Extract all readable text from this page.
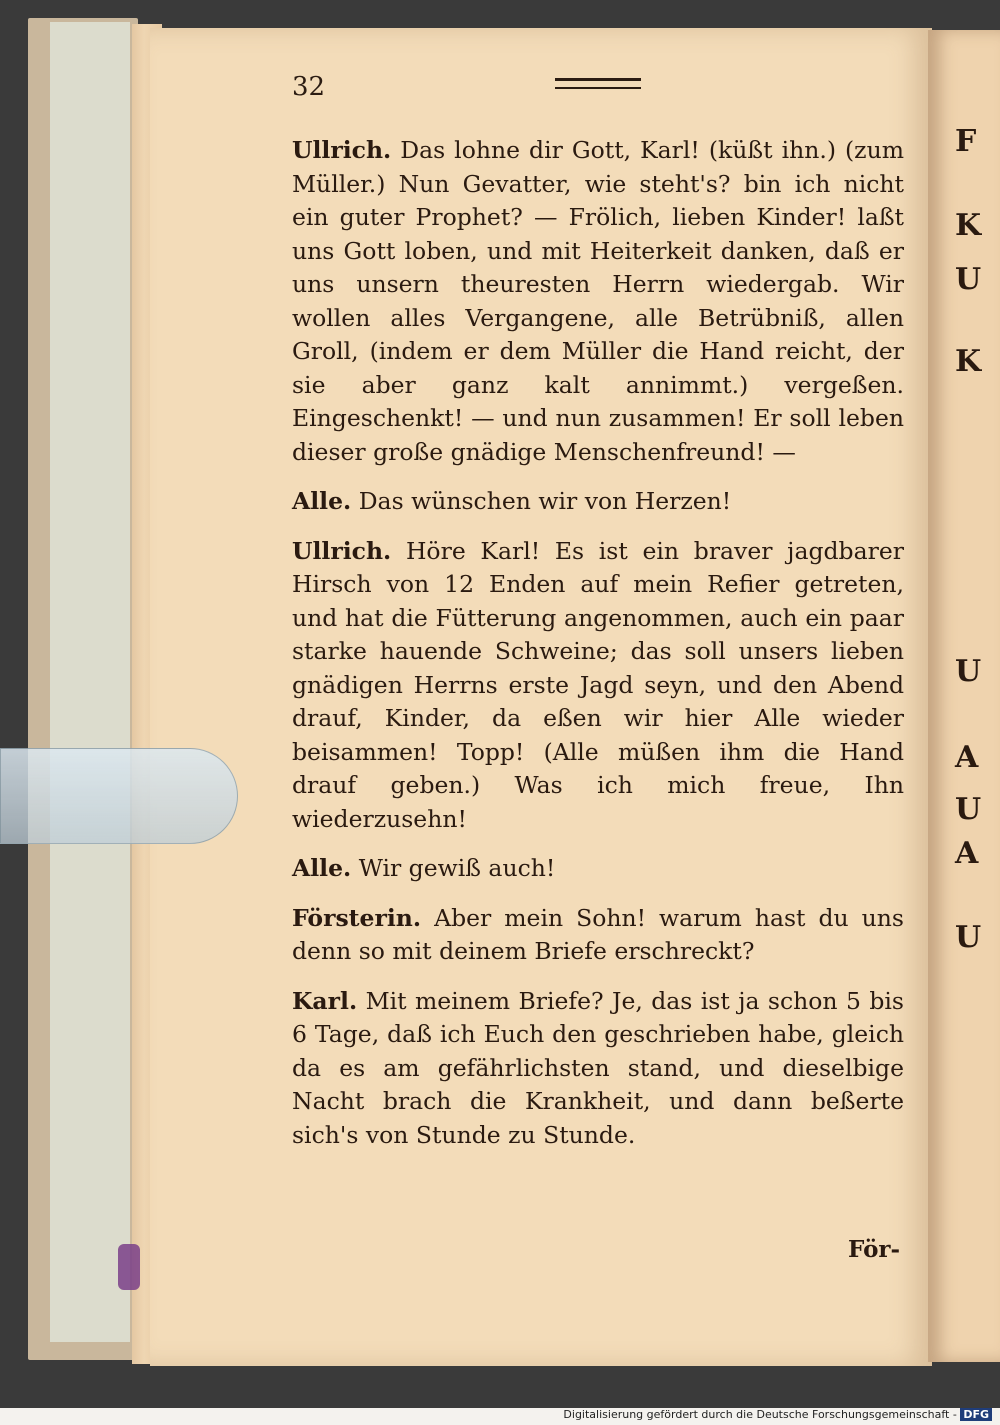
F
K
U
K
U
A
U
A
U
32

Ullrich. Das lohne dir Gott, Karl! (küßt ihn.) (zum Müller.) Nun Gevatter, wie steht's? bin ich nicht ein guter Prophet? — Frölich, lieben Kinder! laßt uns Gott loben, und mit Heiterkeit danken, daß er uns unsern theuresten Herrn wiedergab. Wir wollen alles Vergangene, alle Betrübniß, allen Groll, (indem er dem Müller die Hand reicht, der sie aber ganz kalt annimmt.) vergeßen. Eingeschenkt! — und nun zusammen! Er soll leben dieser große gnädige Menschenfreund! —

Alle. Das wünschen wir von Herzen!

Ullrich. Höre Karl! Es ist ein braver jagdbarer Hirsch von 12 Enden auf mein Refier getreten, und hat die Fütterung angenommen, auch ein paar starke hauende Schweine; das soll unsers lieben gnädigen Herrns erste Jagd seyn, und den Abend drauf, Kinder, da eßen wir hier Alle wieder beisammen! Topp! (Alle müßen ihm die Hand drauf geben.) Was ich mich freue, Ihn wiederzusehn!

Alle. Wir gewiß auch!

Försterin. Aber mein Sohn! warum hast du uns denn so mit deinem Briefe erschreckt?

Karl. Mit meinem Briefe? Je, das ist ja schon 5 bis 6 Tage, daß ich Euch den geschrieben habe, gleich da es am gefährlichsten stand, und dieselbige Nacht brach die Krankheit, und dann beßerte sich's von Stunde zu Stunde.

För-
Digitalisierung gefördert durch die Deutsche Forschungsgemeinschaft - DFG
